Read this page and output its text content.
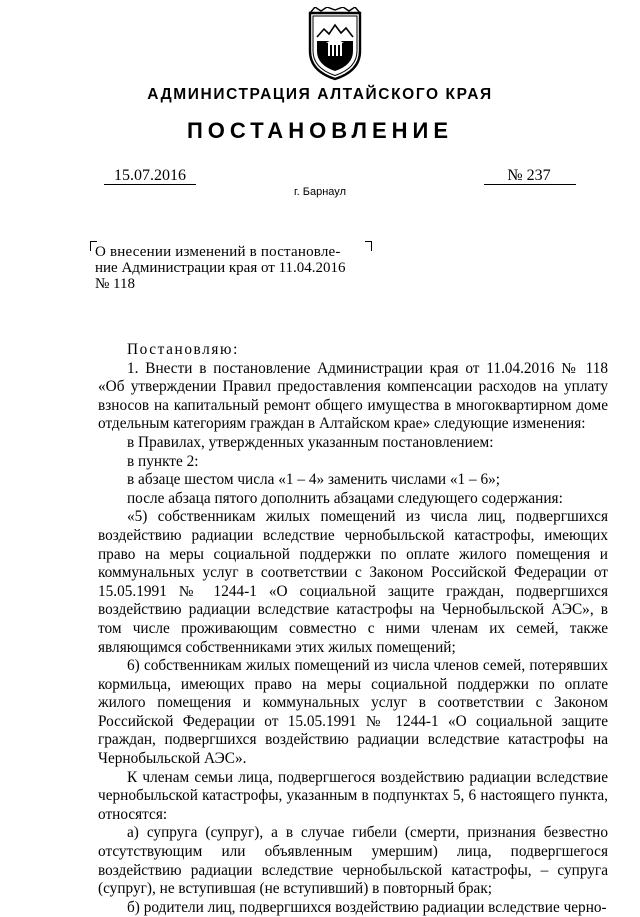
АДМИНИСТРАЦИЯ АЛТАЙСКОГО КРАЯ
ПОСТАНОВЛЕНИЕ
15.07.2016	№ 237
г. Барнаул
О внесении изменений в постановле-
ние Администрации края от 11.04.2016
№ 118

Постановляю:

1. Внести в постановление Администрации края от 11.04.2016 № 118 «Об утверждении Правил предоставления компенсации расходов на уплату взносов на капитальный ремонт общего имущества в многоквартирном доме отдельным категориям граждан в Алтайском крае» следующие изменения:

в Правилах, утвержденных указанным постановлением:

в пункте 2:

в абзаце шестом числа «1 – 4» заменить числами «1 – 6»;

после абзаца пятого дополнить абзацами следующего содержания:

«5) собственникам жилых помещений из числа лиц, подвергшихся воздействию радиации вследствие чернобыльской катастрофы, имеющих право на меры социальной поддержки по оплате жилого помещения и коммунальных услуг в соответствии с Законом Российской Федерации от 15.05.1991 № 1244-1 «О социальной защите граждан, подвергшихся воздействию радиации вследствие катастрофы на Чернобыльской АЭС», в том числе проживающим совместно с ними членам их семей, также являющимся собственниками этих жилых помещений;

6) собственникам жилых помещений из числа членов семей, потерявших кормильца, имеющих право на меры социальной поддержки по оплате жилого помещения и коммунальных услуг в соответствии с Законом Российской Федерации от 15.05.1991 № 1244-1 «О социальной защите граждан, подвергшихся воздействию радиации вследствие катастрофы на Чернобыльской АЭС».

К членам семьи лица, подвергшегося воздействию радиации вследствие чернобыльской катастрофы, указанным в подпунктах 5, 6 настоящего пункта, относятся:

а) супруга (супруг), а в случае гибели (смерти, признания безвестно отсутствующим или объявленным умершим) лица, подвергшегося воздействию радиации вследствие чернобыльской катастрофы, – супруга (супруг), не вступившая (не вступивший) в повторный брак;

б) родители лиц, подвергшихся воздействию радиации вследствие черно-
